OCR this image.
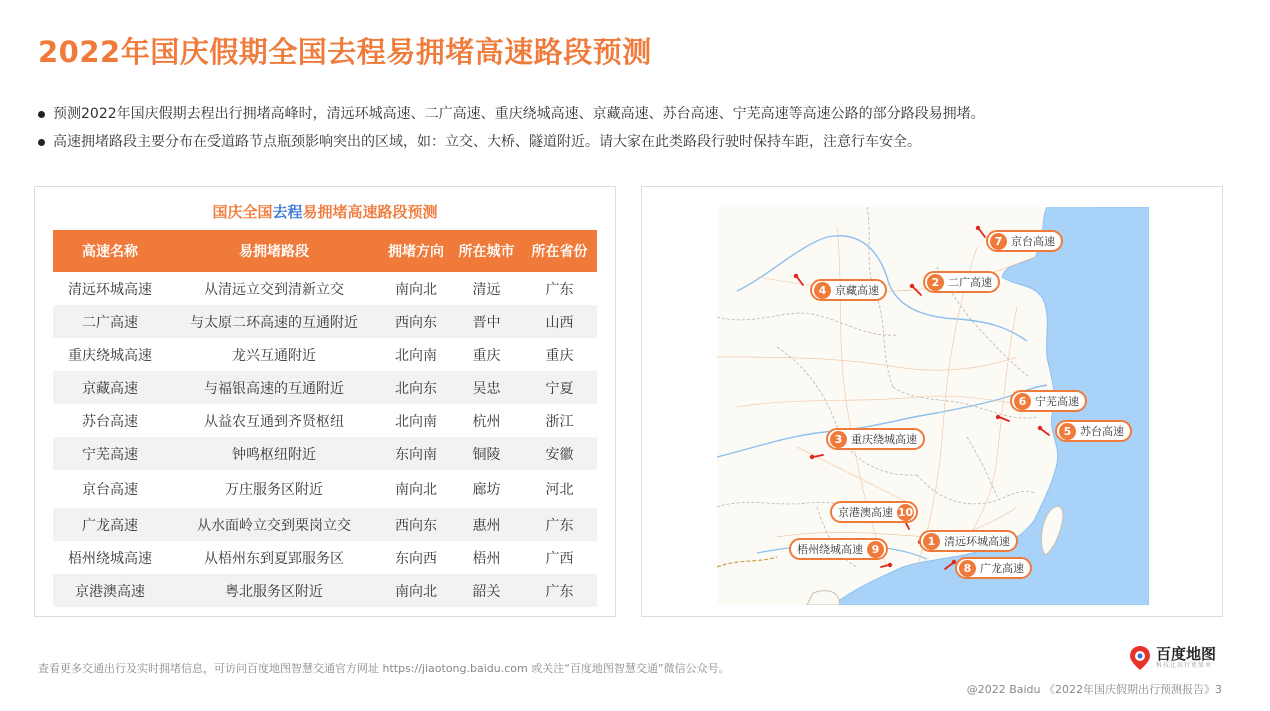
2022年国庆假期全国去程易拥堵高速路段预测
预测2022年国庆假期去程出行拥堵高峰时，清远环城高速、二广高速、重庆绕城高速、京藏高速、苏台高速、宁芜高速等高速公路的部分路段易拥堵。
高速拥堵路段主要分布在受道路节点瓶颈影响突出的区域，如：立交、大桥、隧道附近。请大家在此类路段行驶时保持车距，注意行车安全。
国庆全国去程易拥堵高速路段预测
高速名称	易拥堵路段	拥堵方向	所在城市	所在省份
清远环城高速	从清远立交到清新立交	南向北	清远	广东
二广高速	与太原二环高速的互通附近	西向东	晋中	山西
重庆绕城高速	龙兴互通附近	北向南	重庆	重庆
京藏高速	与福银高速的互通附近	北向东	吴忠	宁夏
苏台高速	从益农互通到齐贤枢纽	北向南	杭州	浙江
宁芜高速	钟鸣枢纽附近	东向南	铜陵	安徽
京台高速	万庄服务区附近	南向北	廊坊	河北
广龙高速	从水面岭立交到栗岗立交	西向东	惠州	广东
梧州绕城高速	从梧州东到夏郢服务区	东向西	梧州	广西
京港澳高速	粤北服务区附近	南向北	韶关	广东
7 京台高速
4 京藏高速
2 二广高速
6 宁芜高速
5 苏台高速
3 重庆绕城高速
京港澳高速 10
1 清远环城高速
梧州绕城高速 9
8 广龙高速
查看更多交通出行及实时拥堵信息，可访问百度地图智慧交通官方网址 https://jiaotong.baidu.com 或关注“百度地图智慧交通”微信公众号。
百度地图
科技让出行更简单
@2022 Baidu 《2022年国庆假期出行预测报告》3
